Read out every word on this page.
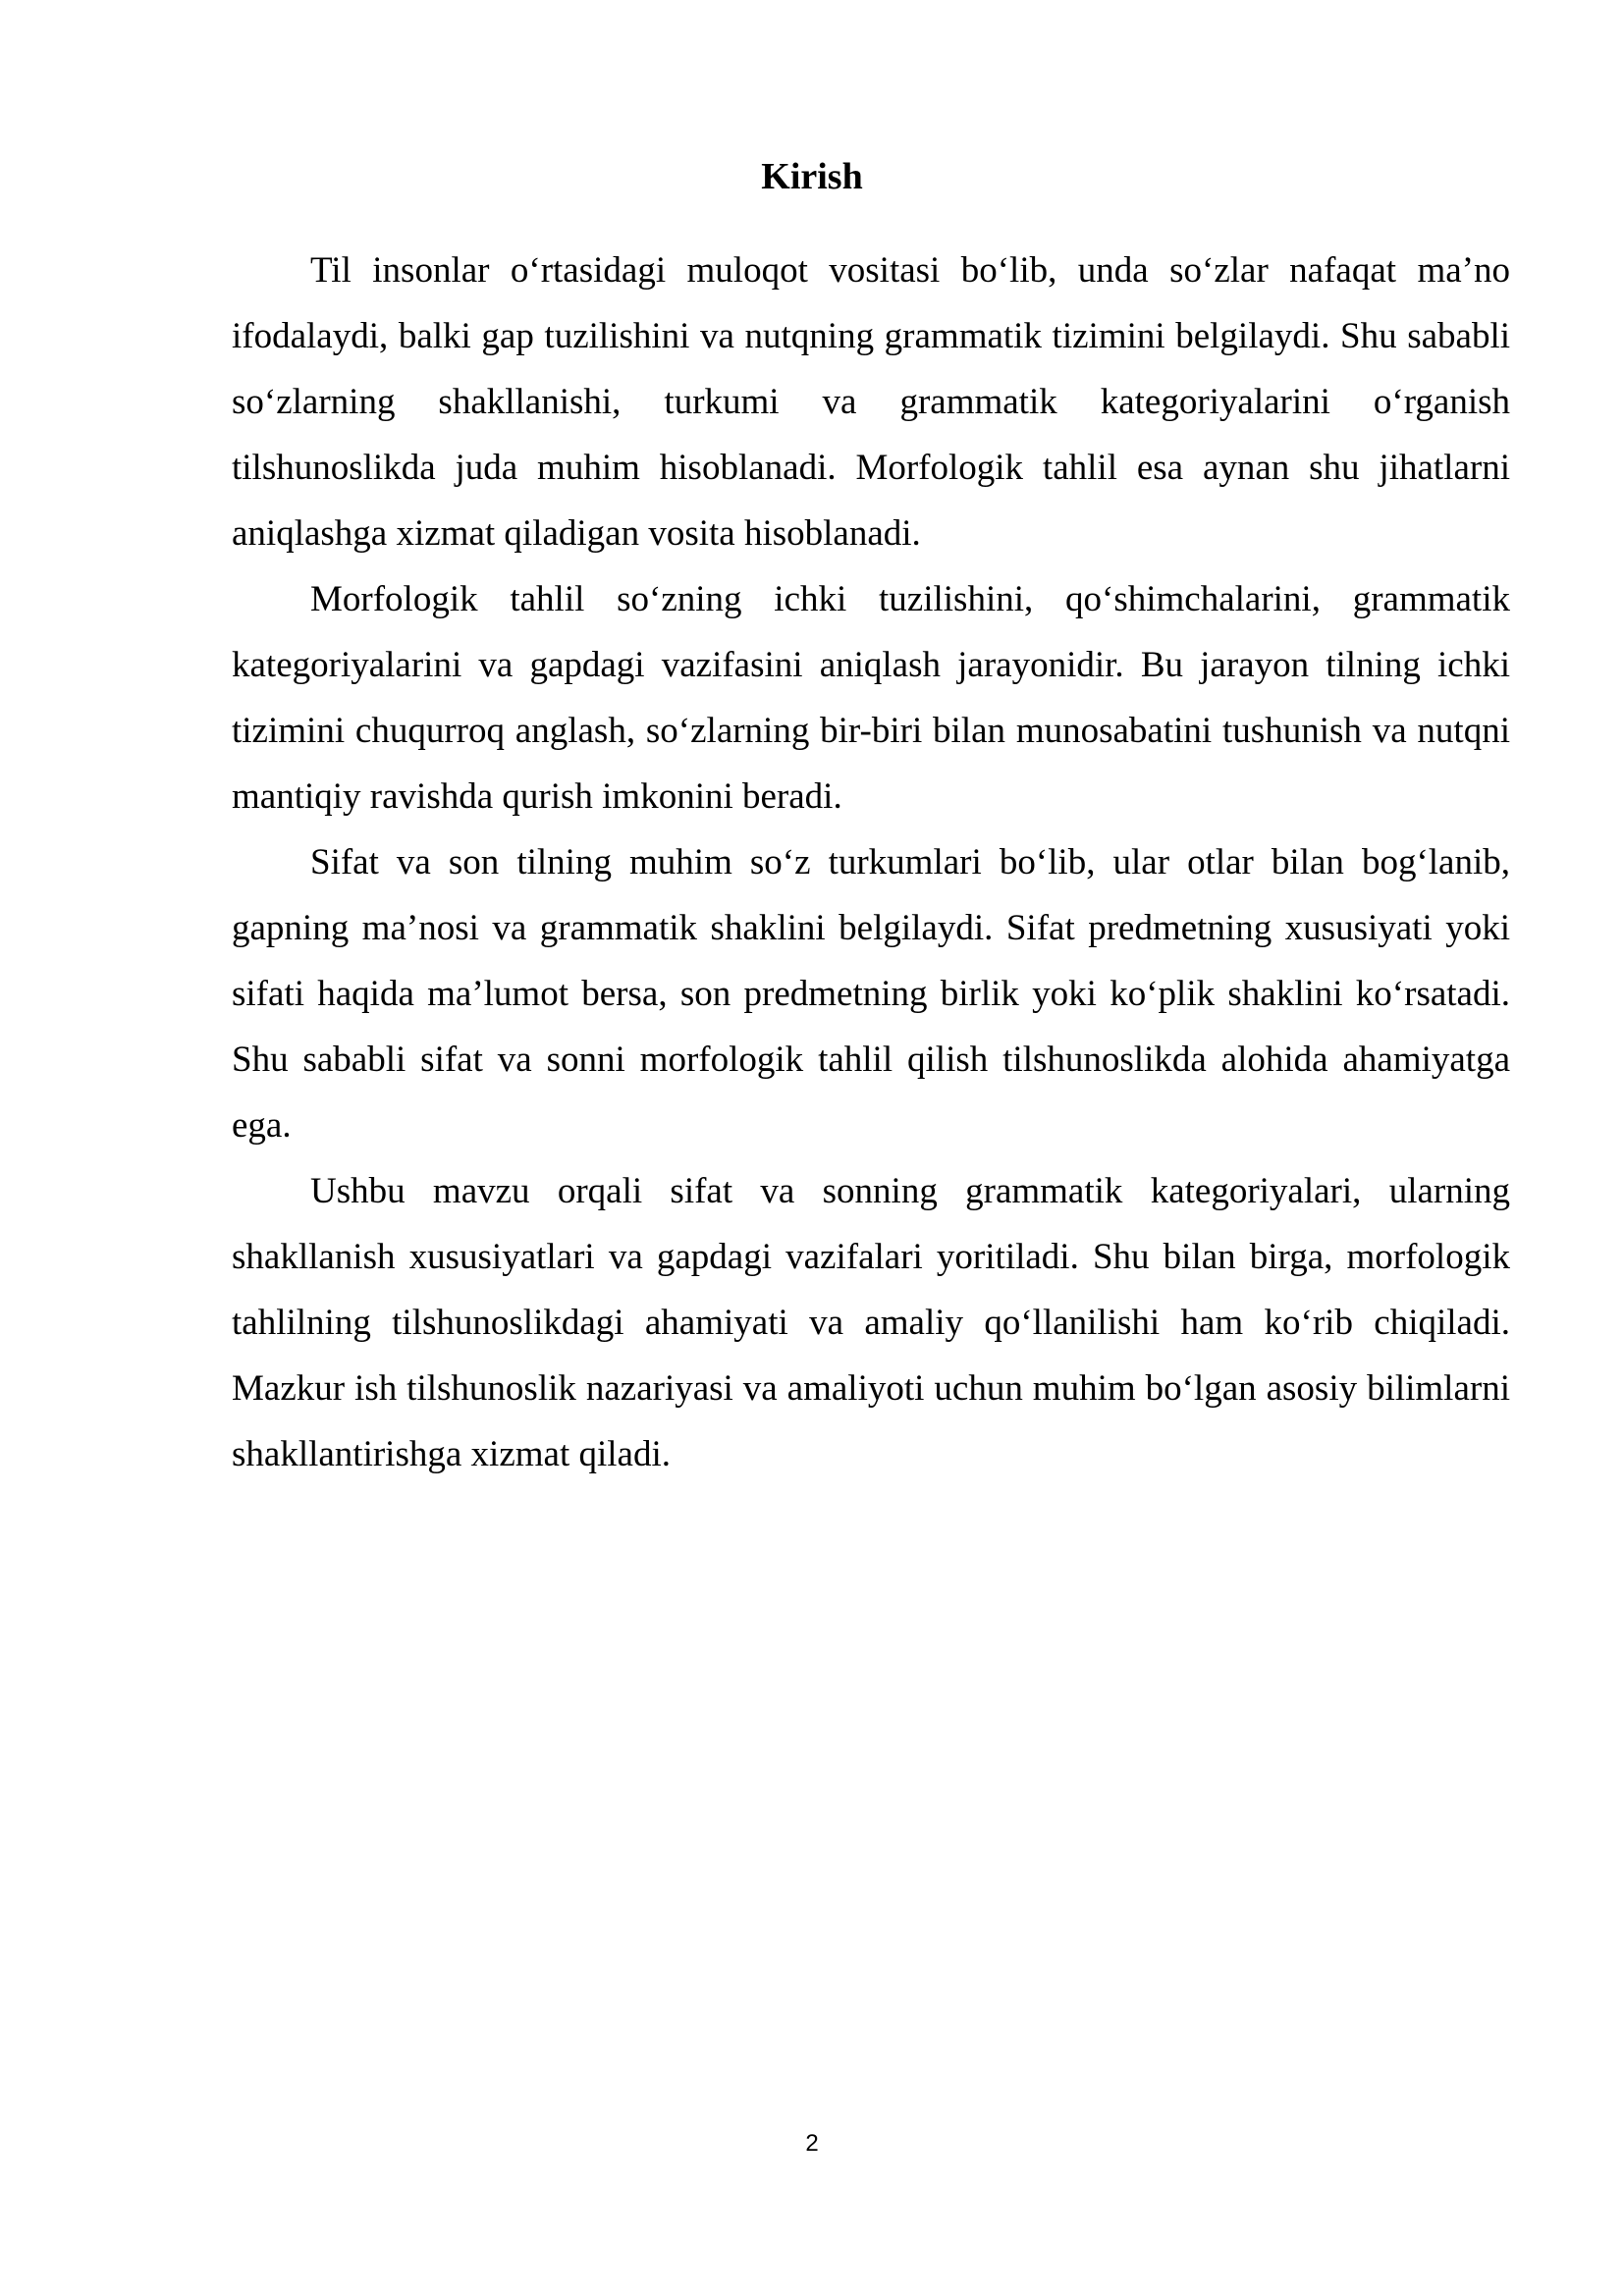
Kirish

Til insonlar o‘rtasidagi muloqot vositasi bo‘lib, unda so‘zlar nafaqat ma’no ifodalaydi, balki gap tuzilishini va nutqning grammatik tizimini belgilaydi. Shu sababli so‘zlarning shakllanishi, turkumi va grammatik kategoriyalarini o‘rganish tilshunoslikda juda muhim hisoblanadi. Morfologik tahlil esa aynan shu jihatlarni aniqlashga xizmat qiladigan vosita hisoblanadi.

Morfologik tahlil so‘zning ichki tuzilishini, qo‘shimchalarini, grammatik kategoriyalarini va gapdagi vazifasini aniqlash jarayonidir. Bu jarayon tilning ichki tizimini chuqurroq anglash, so‘zlarning bir-biri bilan munosabatini tushunish va nutqni mantiqiy ravishda qurish imkonini beradi.

Sifat va son tilning muhim so‘z turkumlari bo‘lib, ular otlar bilan bog‘lanib, gapning ma’nosi va grammatik shaklini belgilaydi. Sifat predmetning xususiyati yoki sifati haqida ma’lumot bersa, son predmetning birlik yoki ko‘plik shaklini ko‘rsatadi. Shu sababli sifat va sonni morfologik tahlil qilish tilshunoslikda alohida ahamiyatga ega.

Ushbu mavzu orqali sifat va sonning grammatik kategoriyalari, ularning shakllanish xususiyatlari va gapdagi vazifalari yoritiladi. Shu bilan birga, morfologik tahlilning tilshunoslikdagi ahamiyati va amaliy qo‘llanilishi ham ko‘rib chiqiladi. Mazkur ish tilshunoslik nazariyasi va amaliyoti uchun muhim bo‘lgan asosiy bilimlarni shakllantirishga xizmat qiladi.

2
